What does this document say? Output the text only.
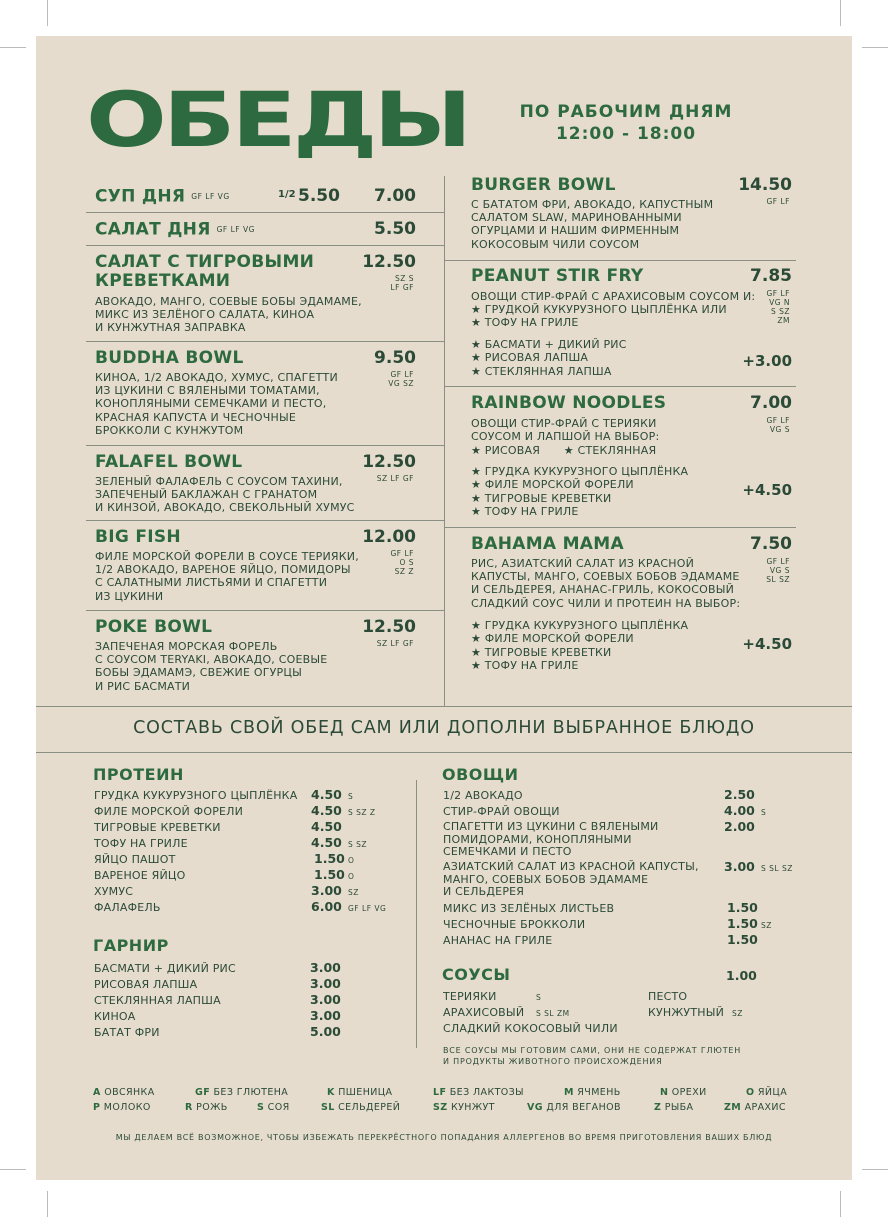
ОБЕДЫ	ПО РАБОЧИМ ДНЯМ
12:00 - 18:00
СУП ДНЯ GF LF VG	1/2 5.50	7.00
САЛАТ ДНЯ GF LF VG	5.50
САЛАТ С ТИГРОВЫМИ
КРЕВЕТКАМИ
12.50
SZ S
LF GF
АВОКАДО, МАНГО, СОЕВЫЕ БОБЫ ЭДАМАМЕ,
МИКС ИЗ ЗЕЛЁНОГО САЛАТА, КИНОА
И КУНЖУТНАЯ ЗАПРАВКА
BUDDHA BOWL	9.50
GF LF
VG SZ
КИНОА, 1/2 АВОКАДО, ХУМУС, СПАГЕТТИ
ИЗ ЦУКИНИ С ВЯЛЕНЫМИ ТОМАТАМИ,
КОНОПЛЯНЫМИ СЕМЕЧКАМИ И ПЕСТО,
КРАСНАЯ КАПУСТА И ЧЕСНОЧНЫЕ
БРОККОЛИ С КУНЖУТОМ
FALAFEL BOWL	12.50
SZ LF GF
ЗЕЛЕНЫЙ ФАЛАФЕЛЬ С СОУСОМ ТАХИНИ,
ЗАПЕЧЕНЫЙ БАКЛАЖАН С ГРАНАТОМ
И КИНЗОЙ, АВОКАДО, СВЕКОЛЬНЫЙ ХУМУС
BIG FISH	12.00
GF LF
O S
SZ Z
ФИЛЕ МОРСКОЙ ФОРЕЛИ В СОУСЕ ТЕРИЯКИ,
1/2 АВОКАДО, ВАРЕНОЕ ЯЙЦО, ПОМИДОРЫ
С САЛАТНЫМИ ЛИСТЬЯМИ И СПАГЕТТИ
ИЗ ЦУКИНИ
POKE BOWL	12.50
SZ LF GF
ЗАПЕЧЕНАЯ МОРСКАЯ ФОРЕЛЬ
С СОУСОМ TERYAKI, АВОКАДО, СОЕВЫЕ
БОБЫ ЭДАМАМЭ, СВЕЖИЕ ОГУРЦЫ
И РИС БАСМАТИ
BURGER BOWL	14.50
GF LF
С БАТАТОМ ФРИ, АВОКАДО, КАПУСТНЫМ
САЛАТОМ SLAW, МАРИНОВАННЫМИ
ОГУРЦАМИ И НАШИМ ФИРМЕННЫМ
КОКОСОВЫМ ЧИЛИ СОУСОМ
PEANUT STIR FRY	7.85
GF LF
VG N
S SZ
ZM
ОВОЩИ СТИР-ФРАЙ С АРАХИСОВЫМ СОУСОМ И:
★ ГРУДКОЙ КУКУРУЗНОГО ЦЫПЛЁНКА ИЛИ
★ ТОФУ НА ГРИЛЕ
★ БАСМАТИ + ДИКИЙ РИС
★ РИСОВАЯ ЛАПША
★ СТЕКЛЯННАЯ ЛАПША
+3.00
RAINBOW NOODLES	7.00
GF LF
VG S
ОВОЩИ СТИР-ФРАЙ С ТЕРИЯКИ
СОУСОМ И ЛАПШОЙ НА ВЫБОР:
★ РИСОВАЯ ★ СТЕКЛЯННАЯ
★ ГРУДКА КУКУРУЗНОГО ЦЫПЛЁНКА
★ ФИЛЕ МОРСКОЙ ФОРЕЛИ
★ ТИГРОВЫЕ КРЕВЕТКИ
★ ТОФУ НА ГРИЛЕ
+4.50
BAHAMA MAMA	7.50
GF LF
VG S
SL SZ
РИС, АЗИАТСКИЙ САЛАТ ИЗ КРАСНОЙ
КАПУСТЫ, МАНГО, СОЕВЫХ БОБОВ ЭДАМАМЕ
И СЕЛЬДЕРЕЯ, АНАНАС-ГРИЛЬ, КОКОСОВЫЙ
СЛАДКИЙ СОУС ЧИЛИ И ПРОТЕИН НА ВЫБОР:
★ ГРУДКА КУКУРУЗНОГО ЦЫПЛЁНКА
★ ФИЛЕ МОРСКОЙ ФОРЕЛИ
★ ТИГРОВЫЕ КРЕВЕТКИ
★ ТОФУ НА ГРИЛЕ
+4.50
СОСТАВЬ СВОЙ ОБЕД САМ ИЛИ ДОПОЛНИ ВЫБРАННОЕ БЛЮДО
ПРОТЕИН
ГРУДКА КУКУРУЗНОГО ЦЫПЛЁНКА 4.50 S
ФИЛЕ МОРСКОЙ ФОРЕЛИ	4.50 S SZ Z
ТИГРОВЫЕ КРЕВЕТКИ	4.50
ТОФУ НА ГРИЛЕ	4.50 S SZ
ЯЙЦО ПАШОТ	1.50 O
ВАРЕНОЕ ЯЙЦО	1.50 O
ХУМУС	3.00 SZ
ФАЛАФЕЛЬ	6.00 GF LF VG
ГАРНИР
БАСМАТИ + ДИКИЙ РИС	3.00
РИСОВАЯ ЛАПША	3.00
СТЕКЛЯННАЯ ЛАПША	3.00
КИНОА	3.00
БАТАТ ФРИ	5.00
ОВОЩИ
1/2 АВОКАДО	2.50
СТИР-ФРАЙ ОВОЩИ	4.00 S
СПАГЕТТИ ИЗ ЦУКИНИ С ВЯЛЕНЫМИ
ПОМИДОРАМИ, КОНОПЛЯНЫМИ
СЕМЕЧКАМИ И ПЕСТО
2.00
АЗИАТСКИЙ САЛАТ ИЗ КРАСНОЙ КАПУСТЫ,
МАНГО, СОЕВЫХ БОБОВ ЭДАМАМЕ
И СЕЛЬДЕРЕЯ
3.00 S SL SZ
МИКС ИЗ ЗЕЛЁНЫХ ЛИСТЬЕВ	1.50
ЧЕСНОЧНЫЕ БРОККОЛИ	1.50 SZ
АНАНАС НА ГРИЛЕ	1.50
СОУСЫ	1.00
ТЕРИЯКИ	S	ПЕСТО
АРАХИСОВЫЙ S SL ZM	КУНЖУТНЫЙ SZ
СЛАДКИЙ КОКОСОВЫЙ ЧИЛИ
ВСЕ СОУСЫ МЫ ГОТОВИМ САМИ, ОНИ НЕ СОДЕРЖАТ ГЛЮТЕН
И ПРОДУКТЫ ЖИВОТНОГО ПРОИСХОЖДЕНИЯ
A ОВСЯНКА	GF БЕЗ ГЛЮТЕНА	K ПШЕНИЦА	LF БЕЗ ЛАКТОЗЫ	M ЯЧМЕНЬ	N ОРЕХИ	O ЯЙЦА
P МОЛОКО	R РОЖЬ	S СОЯ	SL СЕЛЬДЕРЕЙ	SZ КУНЖУТ	VG ДЛЯ ВЕГАНОВ	Z РЫБА	ZM АРАХИС
МЫ ДЕЛАЕМ ВСЁ ВОЗМОЖНОЕ, ЧТОБЫ ИЗБЕЖАТЬ ПЕРЕКРЁСТНОГО ПОПАДАНИЯ АЛЛЕРГЕНОВ ВО ВРЕМЯ ПРИГОТОВЛЕНИЯ ВАШИХ БЛЮД
